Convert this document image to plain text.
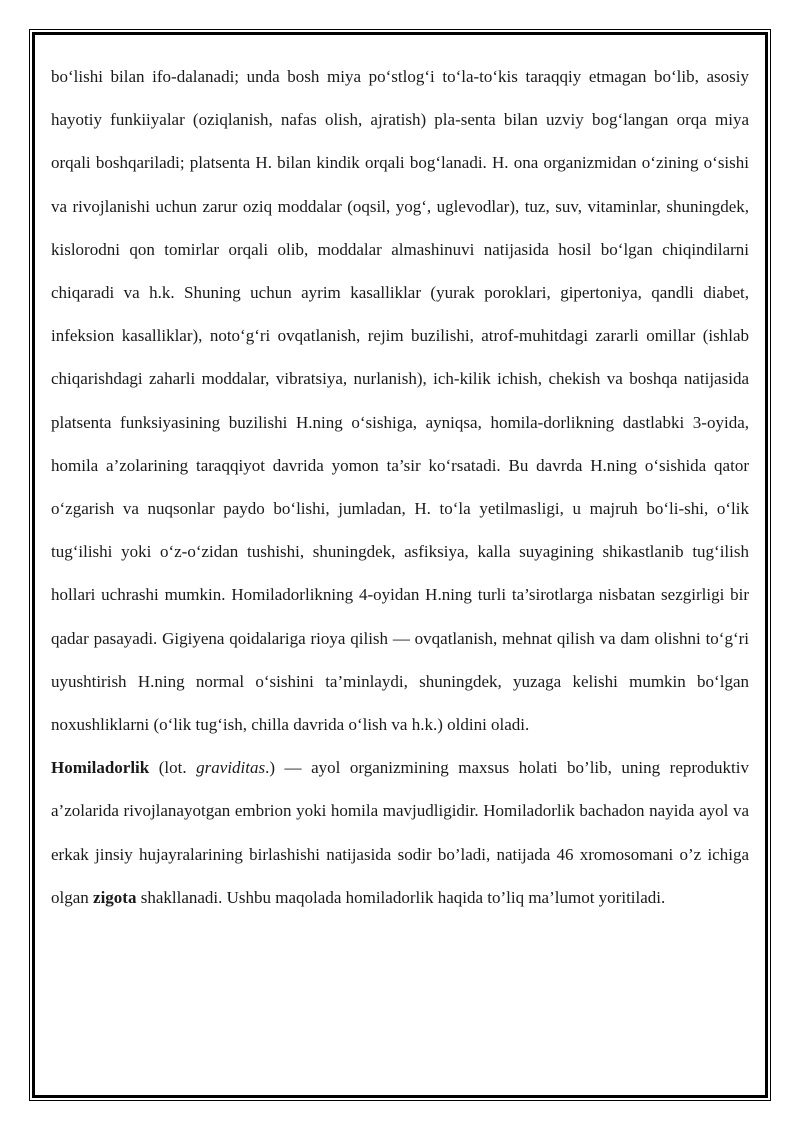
bo‘lishi bilan ifo-dalanadi; unda bosh miya po‘stlog‘i to‘la-to‘kis taraqqiy etmagan bo‘lib, asosiy hayotiy funkiiyalar (oziqlanish, nafas olish, ajratish) pla-senta bilan uzviy bog‘langan orqa miya orqali boshqariladi; platsenta H. bilan kindik orqali bog‘lanadi. H. ona organizmidan o‘zining o‘sishi va rivojlanishi uchun zarur oziq moddalar (oqsil, yog‘, uglevodlar), tuz, suv, vitaminlar, shuningdek, kislorodni qon tomirlar orqali olib, moddalar almashinuvi natijasida hosil bo‘lgan chiqindilarni chiqaradi va h.k. Shuning uchun ayrim kasalliklar (yurak poroklari, gipertoniya, qandli diabet, infeksion kasalliklar), noto‘g‘ri ovqatlanish, rejim buzilishi, atrof-muhitdagi zararli omillar (ishlab chiqarishdagi zaharli moddalar, vibratsiya, nurlanish), ich-kilik ichish, chekish va boshqa natijasida platsenta funksiyasining buzilishi H.ning o‘sishiga, ayniqsa, homila-dorlikning dastlabki 3-oyida, homila a’zolarining taraqqiyot davrida yomon ta’sir ko‘rsatadi. Bu davrda H.ning o‘sishida qator o‘zgarish va nuqsonlar paydo bo‘lishi, jumladan, H. to‘la yetilmasligi, u majruh bo‘li-shi, o‘lik tug‘ilishi yoki o‘z-o‘zidan tushishi, shuningdek, asfiksiya, kalla suyagining shikastlanib tug‘ilish hollari uchrashi mumkin. Homiladorlikning 4-oyidan H.ning turli ta’sirotlarga nisbatan sezgirligi bir qadar pasayadi. Gigiyena qoidalariga rioya qilish — ovqatlanish, mehnat qilish va dam olishni to‘g‘ri uyushtirish H.ning normal o‘sishini ta’minlaydi, shuningdek, yuzaga kelishi mumkin bo‘lgan noxushliklarni (o‘lik tug‘ish, chilla davrida o‘lish va h.k.) oldini oladi.

Homiladorlik (lot. graviditas.) — ayol organizmining maxsus holati bo’lib, uning reproduktiv a’zolarida rivojlanayotgan embrion yoki homila mavjudligidir. Homiladorlik bachadon nayida ayol va erkak jinsiy hujayralarining birlashishi natijasida sodir bo’ladi, natijada 46 xromosomani o’z ichiga olgan zigota shakllanadi. Ushbu maqolada homiladorlik haqida to’liq ma’lumot yoritiladi.
